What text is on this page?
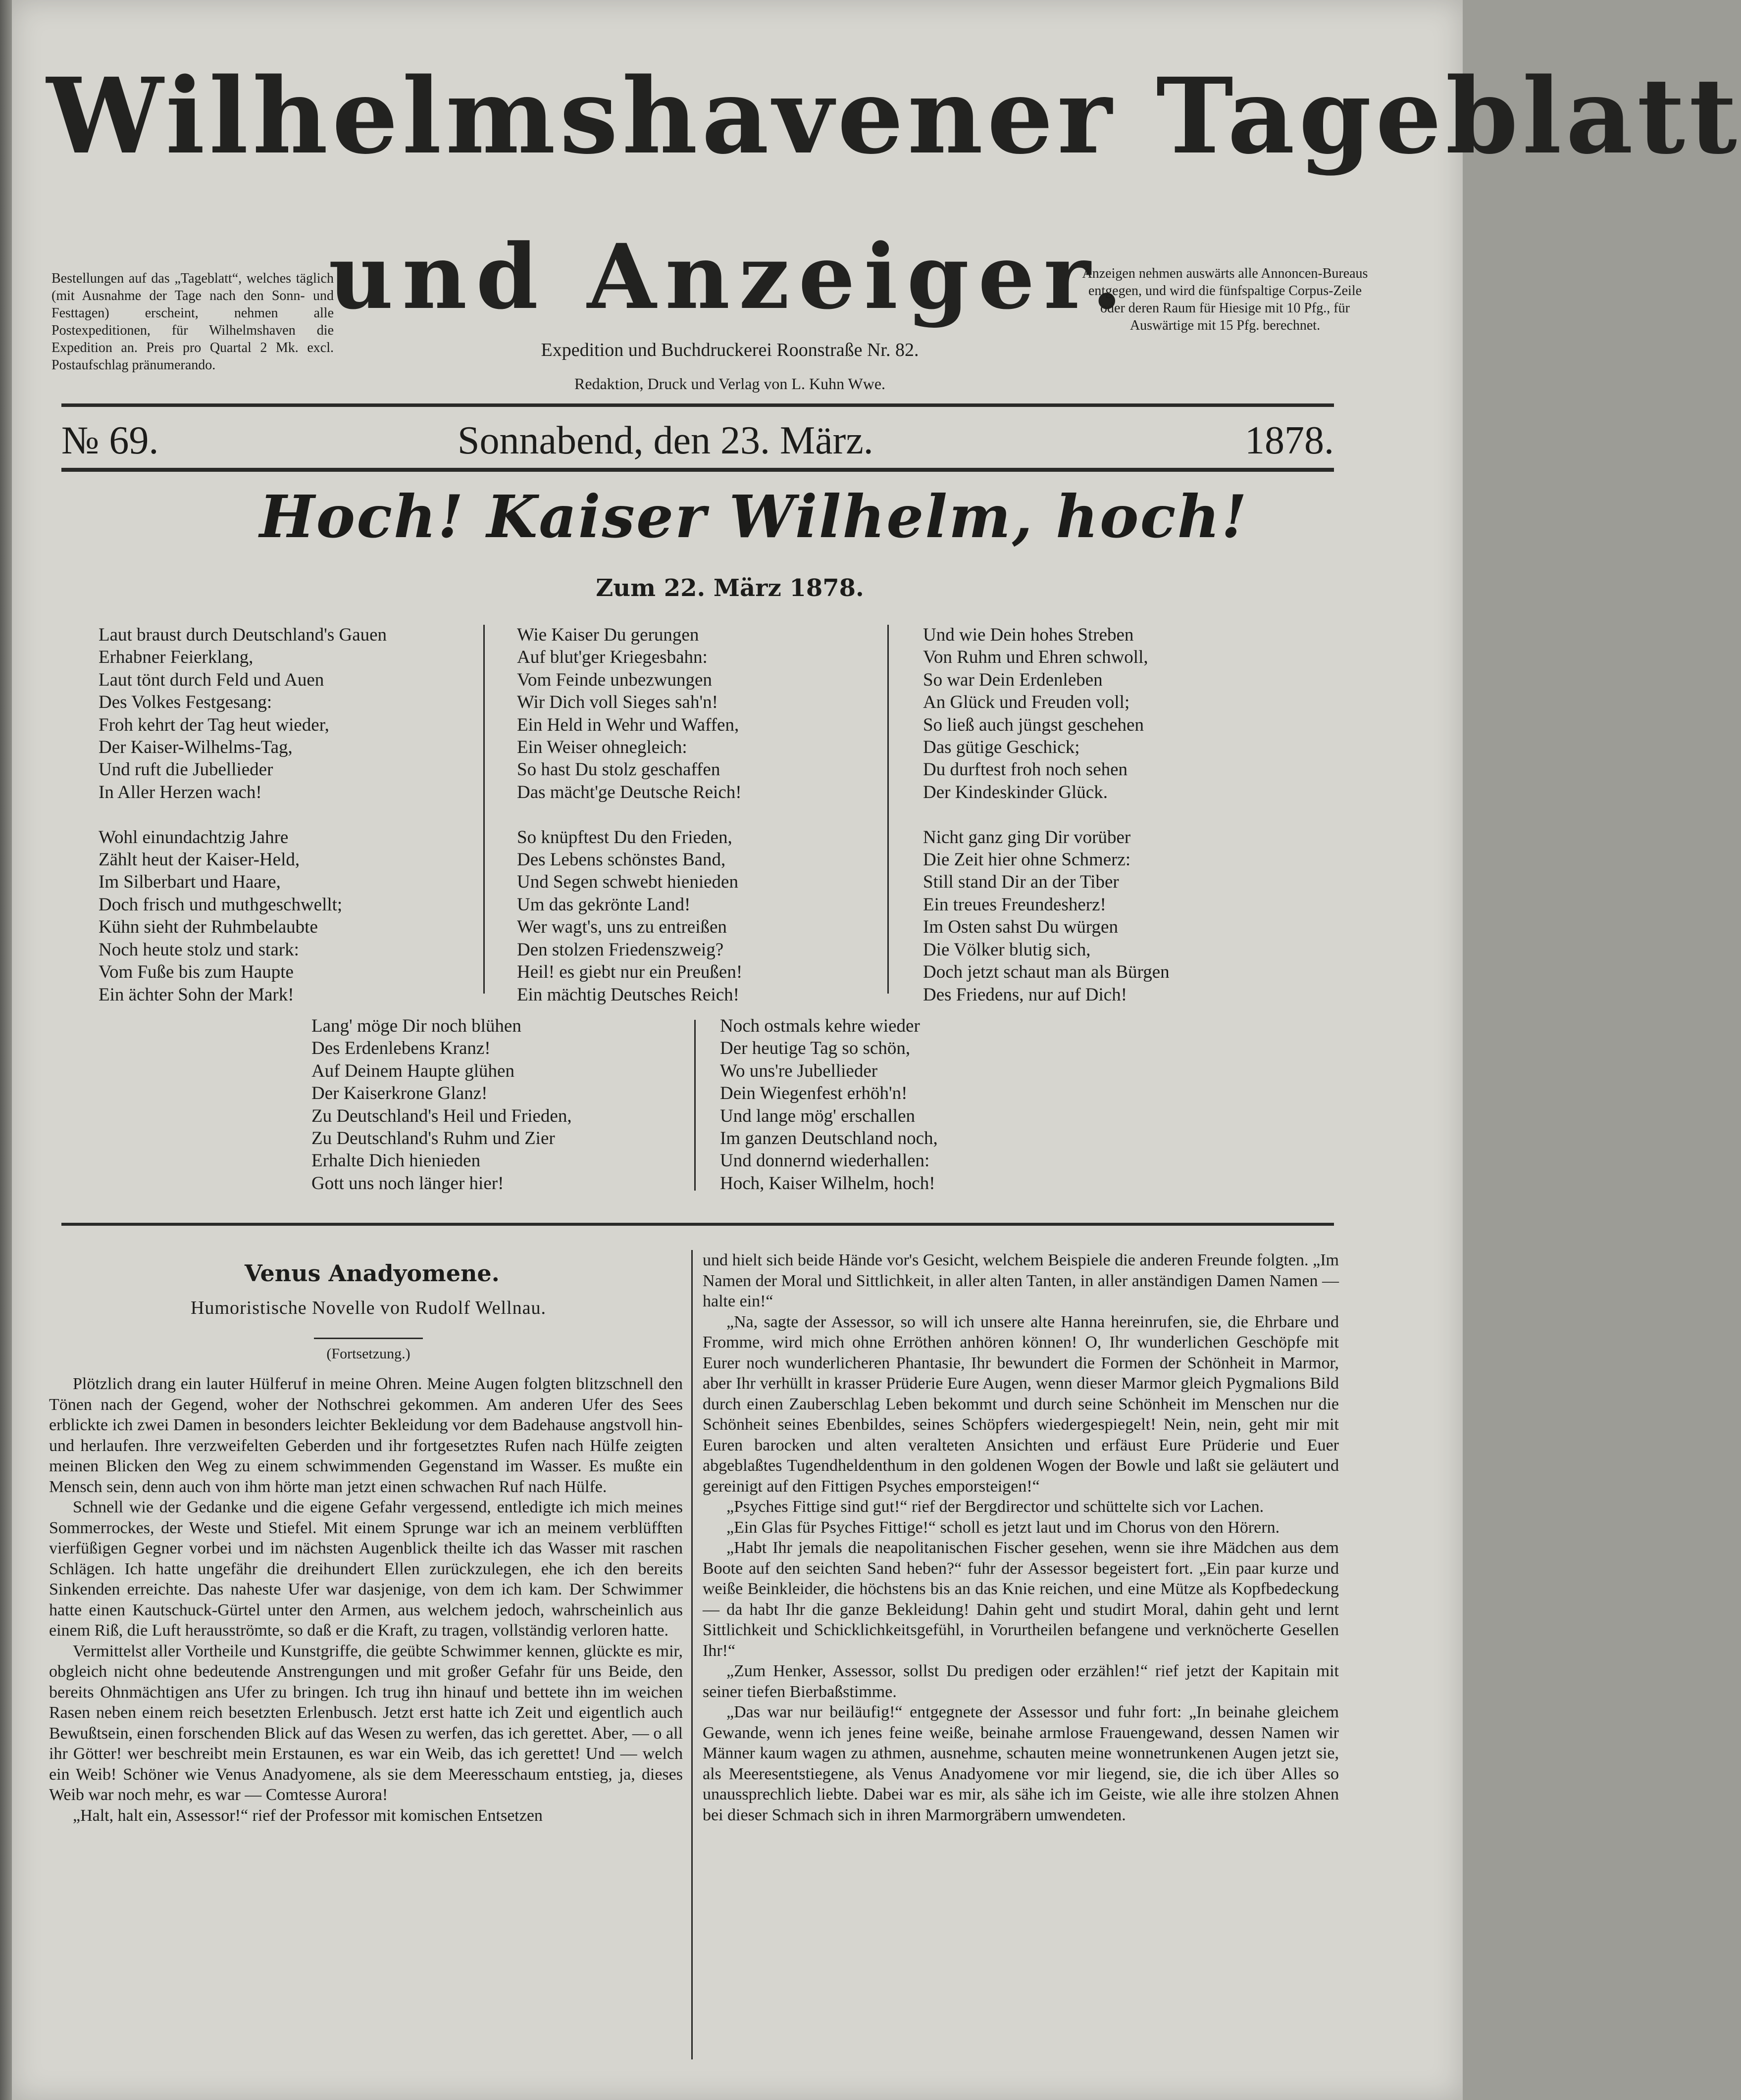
Wilhelmshavener Tageblatt
und Anzeiger.
Bestellungen auf das „Tageblatt“, welches täglich (mit Ausnahme der Tage nach den Sonn- und Festtagen) erscheint, nehmen alle Postexpeditionen, für Wilhelmshaven die Expedition an. Preis pro Quartal 2 Mk. excl. Postaufschlag pränumerando.
Anzeigen nehmen auswärts alle Annoncen-Bureaus entgegen, und wird die fünfspaltige Corpus-Zeile oder deren Raum für Hiesige mit 10 Pfg., für Auswärtige mit 15 Pfg. berechnet.
Expedition und Buchdruckerei Roonstraße Nr. 82.
Redaktion, Druck und Verlag von L. Kuhn Wwe.
№ 69.	Sonnabend, den 23. März.	1878.
Hoch! Kaiser Wilhelm, hoch!
Zum 22. März 1878.
Laut braust durch Deutschland's Gauen
Erhabner Feierklang,
Laut tönt durch Feld und Auen
Des Volkes Festgesang:
Froh kehrt der Tag heut wieder,
Der Kaiser-Wilhelms-Tag,
Und ruft die Jubellieder
In Aller Herzen wach!

Wohl einundachtzig Jahre
Zählt heut der Kaiser-Held,
Im Silberbart und Haare,
Doch frisch und muthgeschwellt;
Kühn sieht der Ruhmbelaubte
Noch heute stolz und stark:
Vom Fuße bis zum Haupte
Ein ächter Sohn der Mark!
Wie Kaiser Du gerungen
Auf blut'ger Kriegesbahn:
Vom Feinde unbezwungen
Wir Dich voll Sieges sah'n!
Ein Held in Wehr und Waffen,
Ein Weiser ohnegleich:
So hast Du stolz geschaffen
Das mächt'ge Deutsche Reich!

So knüpftest Du den Frieden,
Des Lebens schönstes Band,
Und Segen schwebt hienieden
Um das gekrönte Land!
Wer wagt's, uns zu entreißen
Den stolzen Friedenszweig?
Heil! es giebt nur ein Preußen!
Ein mächtig Deutsches Reich!
Und wie Dein hohes Streben
Von Ruhm und Ehren schwoll,
So war Dein Erdenleben
An Glück und Freuden voll;
So ließ auch jüngst geschehen
Das gütige Geschick;
Du durftest froh noch sehen
Der Kindeskinder Glück.

Nicht ganz ging Dir vorüber
Die Zeit hier ohne Schmerz:
Still stand Dir an der Tiber
Ein treues Freundesherz!
Im Osten sahst Du würgen
Die Völker blutig sich,
Doch jetzt schaut man als Bürgen
Des Friedens, nur auf Dich!
Lang' möge Dir noch blühen
Des Erdenlebens Kranz!
Auf Deinem Haupte glühen
Der Kaiserkrone Glanz!
Zu Deutschland's Heil und Frieden,
Zu Deutschland's Ruhm und Zier
Erhalte Dich hienieden
Gott uns noch länger hier!
Noch ostmals kehre wieder
Der heutige Tag so schön,
Wo uns're Jubellieder
Dein Wiegenfest erhöh'n!
Und lange mög' erschallen
Im ganzen Deutschland noch,
Und donnernd wiederhallen:
Hoch, Kaiser Wilhelm, hoch!
Venus Anadyomene.
Humoristische Novelle von Rudolf Wellnau.
(Fortsetzung.)

Plötzlich drang ein lauter Hülferuf in meine Ohren. Meine Augen folgten blitzschnell den Tönen nach der Gegend, woher der Nothschrei gekommen. Am anderen Ufer des Sees erblickte ich zwei Damen in besonders leichter Bekleidung vor dem Badehause angstvoll hin- und herlaufen. Ihre verzweifelten Geberden und ihr fortgesetztes Rufen nach Hülfe zeigten meinen Blicken den Weg zu einem schwimmenden Gegenstand im Wasser. Es mußte ein Mensch sein, denn auch von ihm hörte man jetzt einen schwachen Ruf nach Hülfe.

Schnell wie der Gedanke und die eigene Gefahr vergessend, entledigte ich mich meines Sommerrockes, der Weste und Stiefel. Mit einem Sprunge war ich an meinem verblüfften vierfüßigen Gegner vorbei und im nächsten Augenblick theilte ich das Wasser mit raschen Schlägen. Ich hatte ungefähr die dreihundert Ellen zurückzulegen, ehe ich den bereits Sinkenden erreichte. Das naheste Ufer war dasjenige, von dem ich kam. Der Schwimmer hatte einen Kautschuck-Gürtel unter den Armen, aus welchem jedoch, wahrscheinlich aus einem Riß, die Luft herausströmte, so daß er die Kraft, zu tragen, vollständig verloren hatte.

Vermittelst aller Vortheile und Kunstgriffe, die geübte Schwimmer kennen, glückte es mir, obgleich nicht ohne bedeutende Anstrengungen und mit großer Gefahr für uns Beide, den bereits Ohnmächtigen ans Ufer zu bringen. Ich trug ihn hinauf und bettete ihn im weichen Rasen neben einem reich besetzten Erlenbusch. Jetzt erst hatte ich Zeit und eigentlich auch Bewußtsein, einen forschenden Blick auf das Wesen zu werfen, das ich gerettet. Aber, — o all ihr Götter! wer beschreibt mein Erstaunen, es war ein Weib, das ich gerettet! Und — welch ein Weib! Schöner wie Venus Anadyomene, als sie dem Meeresschaum entstieg, ja, dieses Weib war noch mehr, es war — Comtesse Aurora!

„Halt, halt ein, Assessor!“ rief der Professor mit komischen Entsetzen

und hielt sich beide Hände vor's Gesicht, welchem Beispiele die anderen Freunde folgten. „Im Namen der Moral und Sittlichkeit, in aller alten Tanten, in aller anständigen Damen Namen — halte ein!“

„Na, sagte der Assessor, so will ich unsere alte Hanna hereinrufen, sie, die Ehrbare und Fromme, wird mich ohne Erröthen anhören können! O, Ihr wunderlichen Geschöpfe mit Eurer noch wunderlicheren Phantasie, Ihr bewundert die Formen der Schönheit in Marmor, aber Ihr verhüllt in krasser Prüderie Eure Augen, wenn dieser Marmor gleich Pygmalions Bild durch einen Zauberschlag Leben bekommt und durch seine Schönheit im Menschen nur die Schönheit seines Ebenbildes, seines Schöpfers wiedergespiegelt! Nein, nein, geht mir mit Euren barocken und alten veralteten Ansichten und erfäust Eure Prüderie und Euer abgeblaßtes Tugendheldenthum in den goldenen Wogen der Bowle und laßt sie geläutert und gereinigt auf den Fittigen Psyches emporsteigen!“

„Psyches Fittige sind gut!“ rief der Bergdirector und schüttelte sich vor Lachen.

„Ein Glas für Psyches Fittige!“ scholl es jetzt laut und im Chorus von den Hörern.

„Habt Ihr jemals die neapolitanischen Fischer gesehen, wenn sie ihre Mädchen aus dem Boote auf den seichten Sand heben?“ fuhr der Assessor begeistert fort. „Ein paar kurze und weiße Beinkleider, die höchstens bis an das Knie reichen, und eine Mütze als Kopfbedeckung — da habt Ihr die ganze Bekleidung! Dahin geht und studirt Moral, dahin geht und lernt Sittlichkeit und Schicklichkeitsgefühl, in Vorurtheilen befangene und verknöcherte Gesellen Ihr!“

„Zum Henker, Assessor, sollst Du predigen oder erzählen!“ rief jetzt der Kapitain mit seiner tiefen Bierbaßstimme.

„Das war nur beiläufig!“ entgegnete der Assessor und fuhr fort: „In beinahe gleichem Gewande, wenn ich jenes feine weiße, beinahe armlose Frauengewand, dessen Namen wir Männer kaum wagen zu athmen, ausnehme, schauten meine wonnetrunkenen Augen jetzt sie, als Meeresentstiegene, als Venus Anadyomene vor mir liegend, sie, die ich über Alles so unaussprechlich liebte. Dabei war es mir, als sähe ich im Geiste, wie alle ihre stolzen Ahnen bei dieser Schmach sich in ihren Marmorgräbern umwendeten.
